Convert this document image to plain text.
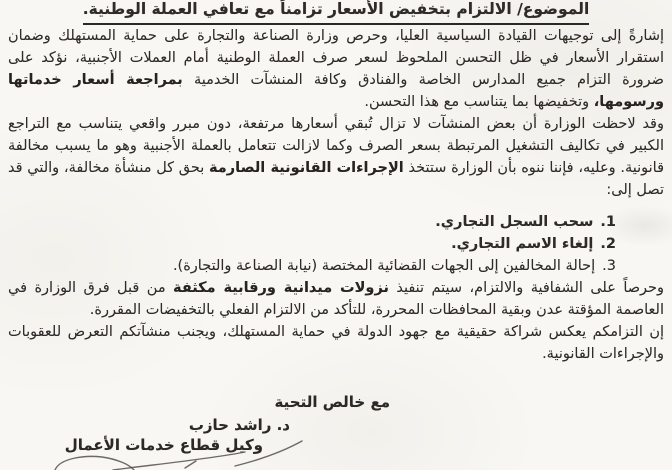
الموضوع/ الالتزام بتخفيض الأسعار تزامناً مع تعافي العملة الوطنية.

إشارةً إلى توجيهات القيادة السياسية العليا، وحرص وزارة الصناعة والتجارة على حماية المستهلك وضمان استقرار الأسعار في ظل التحسن الملحوظ لسعر صرف العملة الوطنية أمام العملات الأجنبية، نؤكد على ضرورة التزام جميع المدارس الخاصة والفنادق وكافة المنشآت الخدمية بمراجعة أسعار خدماتها ورسومها، وتخفيضها بما يتناسب مع هذا التحسن.

وقد لاحظت الوزارة أن بعض المنشآت لا تزال تُبقي أسعارها مرتفعة، دون مبرر واقعي يتناسب مع التراجع الكبير في تكاليف التشغيل المرتبطة بسعر الصرف وكما لازالت تتعامل بالعملة الأجنبية وهو ما يسبب مخالفة قانونية. وعليه، فإننا ننوه بأن الوزارة ستتخذ الإجراءات القانونية الصارمة بحق كل منشأة مخالفة، والتي قد تصل إلى:

1.سحب السجل التجاري.
2.إلغاء الاسم التجاري.
3.إحالة المخالفين إلى الجهات القضائية المختصة (نيابة الصناعة والتجارة).

وحرصاً على الشفافية والالتزام، سيتم تنفيذ نزولات ميدانية ورقابية مكثفة من قبل فرق الوزارة في العاصمة المؤقتة عدن وبقية المحافظات المحررة، للتأكد من الالتزام الفعلي بالتخفيضات المقررة.

إن التزامكم يعكس شراكة حقيقية مع جهود الدولة في حماية المستهلك، ويجنب منشآتكم التعرض للعقوبات والإجراءات القانونية.

مع خالص التحية
د. راشد حازب
وكيل قطاع خدمات الأعمال
